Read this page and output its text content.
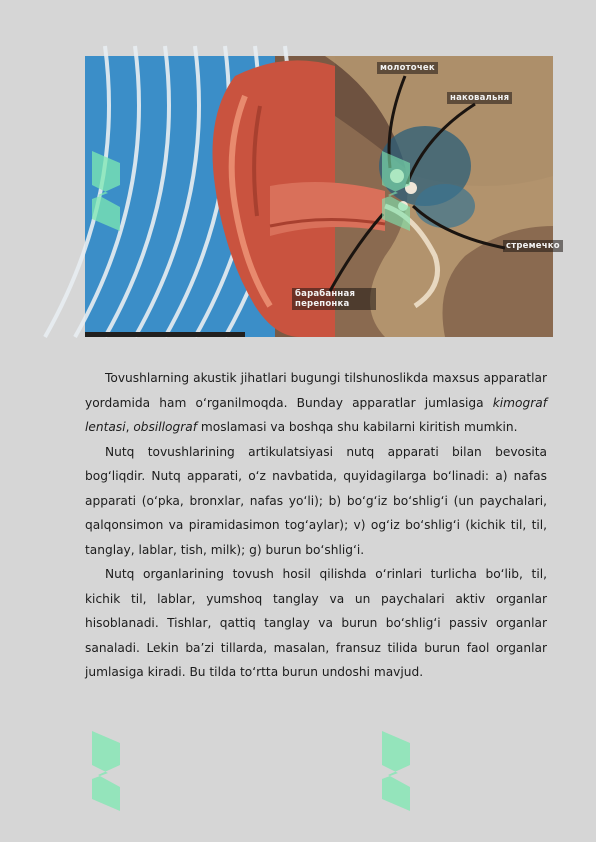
молоточек
наковальня
стремечко
барабанная перепонка

Tovushlarning akustik jihatlari bugungi tilshunoslikda maxsus apparatlar yordamida ham o‘rganilmoqda. Bunday apparatlar jumlasiga kimograf lentasi, obsillograf moslamasi va boshqa shu kabilarni kiritish mumkin.

Nutq tovushlarining artikulatsiyasi nutq apparati bilan bevosita bog‘liqdir. Nutq apparati, o‘z navbatida, quyidagilarga bo‘linadi: a) nafas apparati (o‘pka, bronxlar, nafas yo‘li); b) bo‘g‘iz bo‘shlig‘i (un paychalari, qalqonsimon va piramidasimon tog‘aylar); v) og‘iz bo‘shlig‘i (kichik til, til, tanglay, lablar, tish, milk); g) burun bo‘shlig‘i.

Nutq organlarining tovush hosil qilishda o‘rinlari turlicha bo‘lib, til, kichik til, lablar, yumshoq tanglay va un paychalari aktiv organlar hisoblanadi. Tishlar, qattiq tanglay va burun bo‘shlig‘i passiv organlar sanaladi. Lekin ba’zi tillarda, masalan, fransuz tilida burun faol organlar jumlasiga kiradi. Bu tilda to‘rtta burun undoshi mavjud.
